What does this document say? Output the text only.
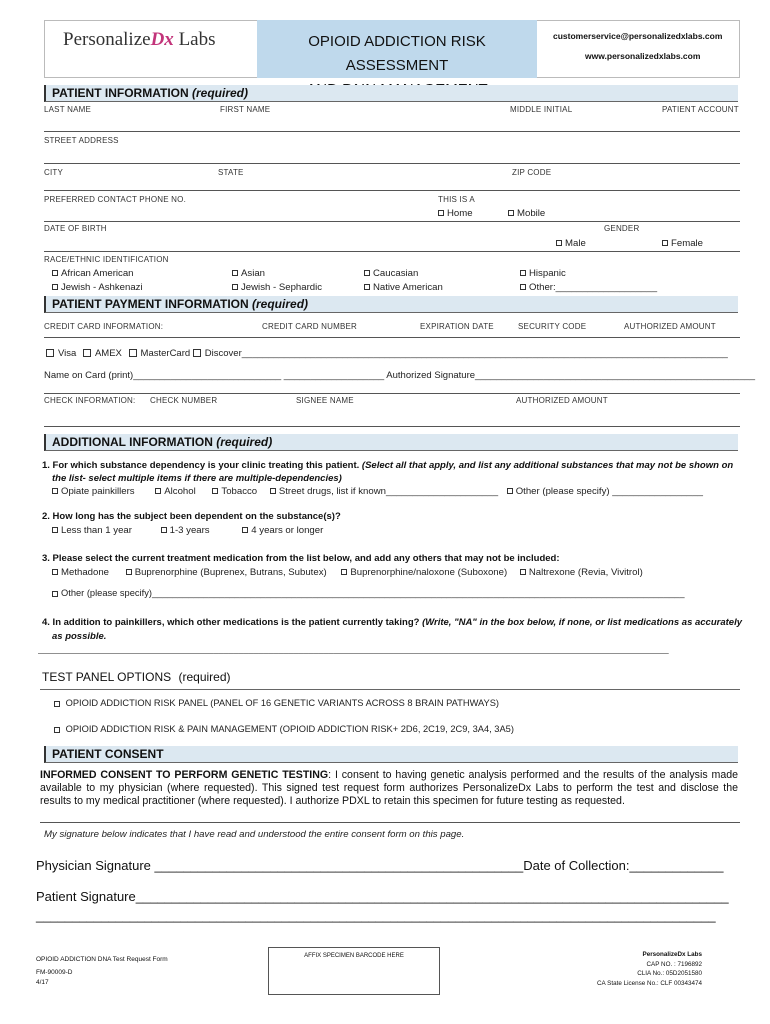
PersonalizeDx Labs	OPIOID ADDICTION RISK ASSESSMENT
customerservice@personalizedxlabs.com
www.personalizedxlabs.com
PATIENT INFORMATION (required)
LAST NAME	FIRST NAME	MIDDLE INITIAL	PATIENT ACCOUNT
STREET ADDRESS
CITY	STATE	ZIP CODE
PREFERRED CONTACT PHONE NO.	THIS IS A
Home	Mobile
DATE OF BIRTH	GENDER
Male	Female
RACE/ETHNIC IDENTIFICATION
African American	Asian	Caucasian	Hispanic
Jewish - Ashkenazi	Jewish - Sephardic	Native American	Other:___________________
PATIENT PAYMENT INFORMATION (required)
CREDIT CARD INFORMATION:	CREDIT CARD NUMBER	EXPIRATION DATE	SECURITY CODE	AUTHORIZED AMOUNT
Visa AMEX MasterCard Discover____________________________________________________________________________________________
Name on Card (print)____________________________ ___________________ Authorized Signature_____________________________________________________
CHECK INFORMATION: CHECK NUMBER	SIGNEE NAME	AUTHORIZED AMOUNT
ADDITIONAL INFORMATION (required)
1. For which substance dependency is your clinic treating this patient. (Select all that apply, and list any additional substances that may not be shown on
the list- select multiple items if there are multiple-dependencies)
Opiate painkillers	Alcohol	Tobacco Street drugs, list if known_____________________ Other (please specify) _________________
2. How long has the subject been dependent on the substance(s)?
Less than 1 year	1-3 years	4 years or longer
3. Please select the current treatment medication from the list below, and add any others that may not be included:
Methadone	Buprenorphine (Buprenex, Butrans, Subutex) Buprenorphine/naloxone (Suboxone) Naltrexone (Revia, Vivitrol)
Other (please specify)_______________________________________________________________________________________________________
4. In addition to painkillers, which other medications is the patient currently taking? (Write, "NA" in the box below, if none, or list medications as accurately
as possible.
______________________________________________________________________________________________________________________________
TEST PANEL OPTIONS (required)
OPIOID ADDICTION RISK PANEL (PANEL OF 16 GENETIC VARIANTS ACROSS 8 BRAIN PATHWAYS)
OPIOID ADDICTION RISK & PAIN MANAGEMENT (OPIOID ADDICTION RISK+ 2D6, 2C19, 2C9, 3A4, 3A5)
PATIENT CONSENT
INFORMED CONSENT TO PERFORM GENETIC TESTING: I consent to having genetic analysis performed and the results of the analysis made available to my physician (where requested). This signed test request form authorizes PersonalizeDx Labs to perform the test and disclose the results to my medical practitioner (where requested). I authorize PDXL to retain this specimen for future testing as requested.
My signature below indicates that I have read and understood the entire consent form on this page.
Physician Signature ___________________________________________________Date of Collection:_____________
Patient Signature__________________________________________________________________________________
______________________________________________________________________________________________
OPIOID ADDICTION DNA Test Request Form
FM-90009-D
4/17
AFFIX SPECIMEN BARCODE HERE	PersonalizeDx Labs
CAP NO. : 7196892
CLIA No.: 05D2051580
CA State License No.: CLF 00343474
